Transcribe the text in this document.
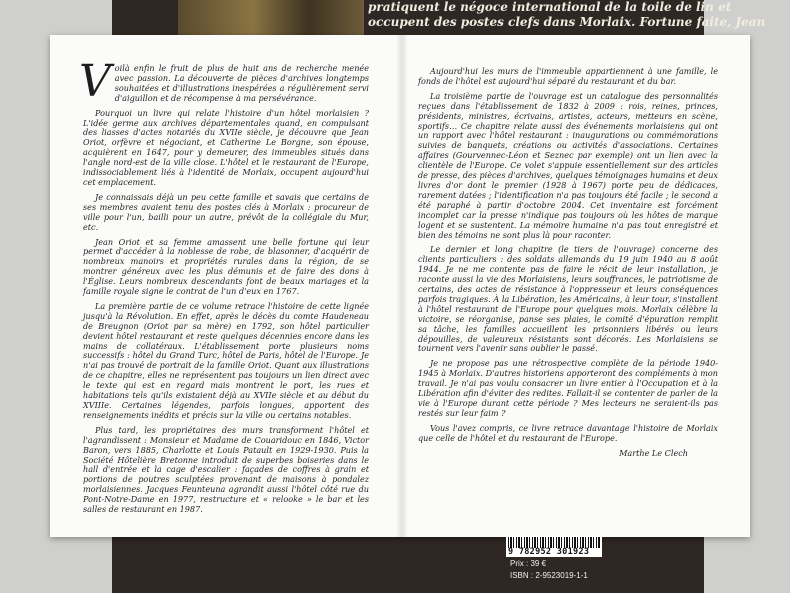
pratiquent le négoce international de la toile de lin et
occupent des postes clefs dans Morlaix. Fortune faite, Jean

Voilà enfin le fruit de plus de huit ans de recherche menée avec passion. La découverte de pièces d'archives longtemps souhaitées et d'illustrations inespérées a régulièrement servi d'aiguillon et de récompense à ma persévérance.

Pourquoi un livre qui relate l'histoire d'un hôtel morlaisien ? L'idée germe aux archives départementales quand, en compulsant des liasses d'actes notariés du XVIIe siècle, je découvre que Jean Oriot, orfèvre et négociant, et Catherine Le Borgne, son épouse, acquièrent en 1647, pour y demeurer, des immeubles situés dans l'angle nord-est de la ville close. L'hôtel et le restaurant de l'Europe, indissociablement liés à l'identité de Morlaix, occupent aujourd'hui cet emplacement.

Je connaissais déjà un peu cette famille et savais que certains de ses membres avaient tenu des postes clés à Morlaix : procureur de ville pour l'un, bailli pour un autre, prévôt de la collégiale du Mur, etc.

Jean Oriot et sa femme amassent une belle fortune qui leur permet d'accéder à la noblesse de robe, de blasonner, d'acquérir de nombreux manoirs et propriétés rurales dans la région, de se montrer généreux avec les plus démunis et de faire des dons à l'Église. Leurs nombreux descendants font de beaux mariages et la famille royale signe le contrat de l'un d'eux en 1767.

La première partie de ce volume retrace l'histoire de cette lignée jusqu'à la Révolution. En effet, après le décès du comte Haudeneau de Breugnon (Oriot par sa mère) en 1792, son hôtel particulier devient hôtel restaurant et reste quelques décennies encore dans les mains de collatéraux. L'établissement porte plusieurs noms successifs : hôtel du Grand Turc, hôtel de Paris, hôtel de l'Europe. Je n'ai pas trouvé de portrait de la famille Oriot. Quant aux illustrations de ce chapitre, elles ne représentent pas toujours un lien direct avec le texte qui est en regard mais montrent le port, les rues et habitations tels qu'ils existaient déjà au XVIIe siècle et au début du XVIIIe. Certaines légendes, parfois longues, apportent des renseignements inédits et précis sur la ville ou certains notables.

Plus tard, les propriétaires des murs transforment l'hôtel et l'agrandissent : Monsieur et Madame de Couaridouc en 1846, Victor Baron, vers 1885, Charlotte et Louis Patault en 1929-1930. Puis la Société Hôtelière Bretonne introduit de superbes boiseries dans le hall d'entrée et la cage d'escalier : façades de coffres à grain et portions de poutres sculptées provenant de maisons à pondalez morlaisiennes. Jacques Feunteuna agrandit aussi l'hôtel côté rue du Pont-Notre-Dame en 1977, restructure et « relooke » le bar et les salles de restaurant en 1987.

Aujourd'hui les murs de l'immeuble appartiennent à une famille, le fonds de l'hôtel est aujourd'hui séparé du restaurant et du bar.

La troisième partie de l'ouvrage est un catalogue des personnalités reçues dans l'établissement de 1832 à 2009 : rois, reines, princes, présidents, ministres, écrivains, artistes, acteurs, metteurs en scène, sportifs… Ce chapitre relate aussi des événements morlaisiens qui ont un rapport avec l'hôtel restaurant : inaugurations ou commémorations suivies de banquets, créations ou activités d'associations. Certaines affaires (Gourvennec-Léon et Seznec par exemple) ont un lien avec la clientèle de l'Europe. Ce volet s'appuie essentiellement sur des articles de presse, des pièces d'archives, quelques témoignages humains et deux livres d'or dont le premier (1928 à 1967) porte peu de dédicaces, rarement datées ; l'identification n'a pas toujours été facile ; le second a été paraphé à partir d'octobre 2004. Cet inventaire est forcément incomplet car la presse n'indique pas toujours où les hôtes de marque logent et se sustentent. La mémoire humaine n'a pas tout enregistré et bien des témoins ne sont plus là pour raconter.

Le dernier et long chapitre (le tiers de l'ouvrage) concerne des clients particuliers : des soldats allemands du 19 juin 1940 au 8 août 1944. Je ne me contente pas de faire le récit de leur installation, je raconte aussi la vie des Morlaisiens, leurs souffrances, le patriotisme de certains, des actes de résistance à l'oppresseur et leurs conséquences parfois tragiques. À la Libération, les Américains, à leur tour, s'installent à l'hôtel restaurant de l'Europe pour quelques mois. Morlaix célèbre la victoire, se réorganise, panse ses plaies, le comité d'épuration remplit sa tâche, les familles accueillent les prisonniers libérés ou leurs dépouilles, de valeureux résistants sont décorés. Les Morlaisiens se tournent vers l'avenir sans oublier le passé.

Je ne propose pas une rétrospective complète de la période 1940-1945 à Morlaix. D'autres historiens apporteront des compléments à mon travail. Je n'ai pas voulu consacrer un livre entier à l'Occupation et à la Libération afin d'éviter des redites. Fallait-il se contenter de parler de la vie à l'Europe durant cette période ? Mes lecteurs ne seraient-ils pas restés sur leur faim ?

Vous l'avez compris, ce livre retrace davantage l'histoire de Morlaix que celle de l'hôtel et du restaurant de l'Europe.

Marthe Le Clech

9 782952 301923
Prix : 39 €
ISBN : 2-952301​9-1-1
